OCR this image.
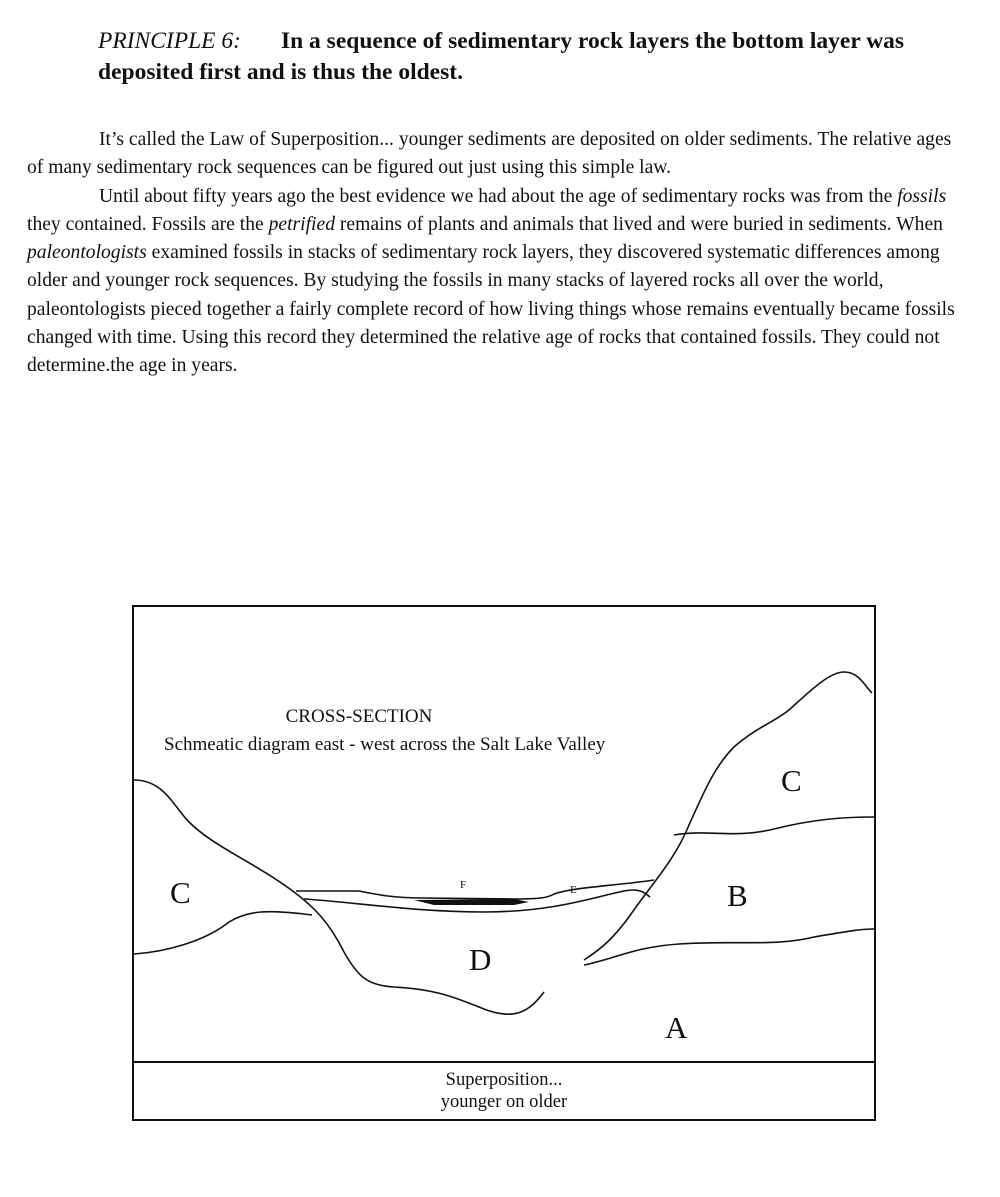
PRINCIPLE 6: In a sequence of sedimentary rock layers the bottom layer was deposited first and is thus the oldest.

It’s called the Law of Superposition... younger sediments are deposited on older sediments. The relative ages of many sedimentary rock sequences can be figured out just using this simple law.

Until about fifty years ago the best evidence we had about the age of sedimentary rocks was from the fossils they contained. Fossils are the petrified remains of plants and animals that lived and were buried in sediments. When paleontologists examined fossils in stacks of sedimentary rock layers, they discovered systematic differences among older and younger rock sequences. By studying the fossils in many stacks of layered rocks all over the world, paleontologists pieced together a fairly complete record of how living things whose remains eventually became fossils changed with time. Using this record they determined the relative age of rocks that contained fossils. They could not determine.the age in years.

CROSS-SECTION
Schmeatic diagram east - west across the Salt Lake Valley
C
C
B
D
A
F	E
Superposition...
younger on older
